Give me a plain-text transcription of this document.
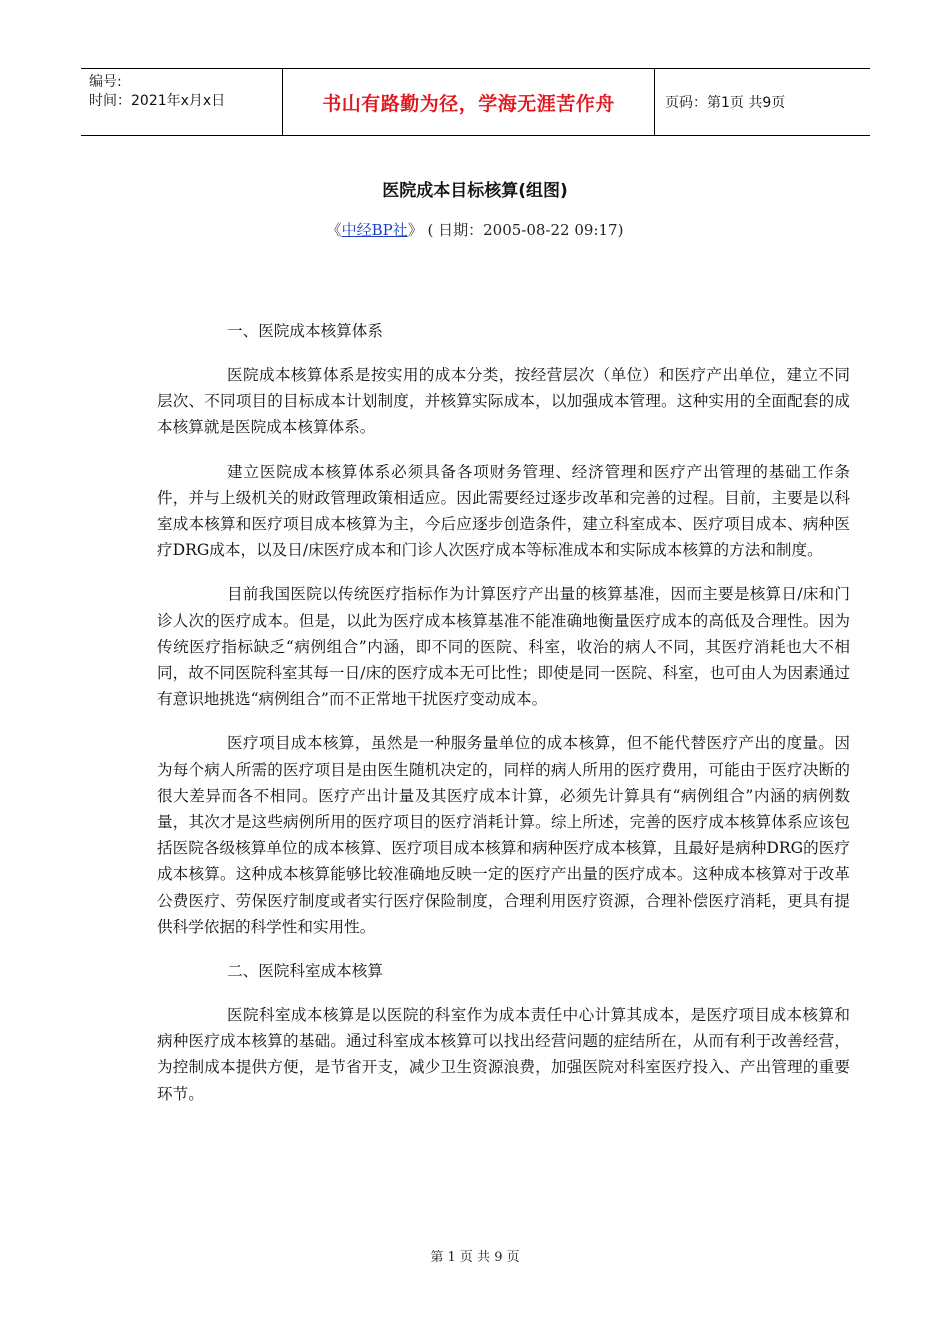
编号:
时间：2021年x月x日	书山有路勤为径，学海无涯苦作舟	页码：第1页 共9页
医院成本目标核算(组图)
《中经BP社》 ( 日期：2005-08-22 09:17)

一、医院成本核算体系

医院成本核算体系是按实用的成本分类，按经营层次（单位）和医疗产出单位，建立不同层次、不同项目的目标成本计划制度，并核算实际成本，以加强成本管理。这种实用的全面配套的成本核算就是医院成本核算体系。

建立医院成本核算体系必须具备各项财务管理、经济管理和医疗产出管理的基础工作条件，并与上级机关的财政管理政策相适应。因此需要经过逐步改革和完善的过程。目前，主要是以科室成本核算和医疗项目成本核算为主，今后应逐步创造条件，建立科室成本、医疗项目成本、病种医疗DRG成本，以及日/床医疗成本和门诊人次医疗成本等标准成本和实际成本核算的方法和制度。

目前我国医院以传统医疗指标作为计算医疗产出量的核算基准，因而主要是核算日/床和门诊人次的医疗成本。但是，以此为医疗成本核算基准不能准确地衡量医疗成本的高低及合理性。因为传统医疗指标缺乏“病例组合”内涵，即不同的医院、科室，收治的病人不同，其医疗消耗也大不相同，故不同医院科室其每一日/床的医疗成本无可比性；即使是同一医院、科室，也可由人为因素通过有意识地挑选“病例组合”而不正常地干扰医疗变动成本。

医疗项目成本核算，虽然是一种服务量单位的成本核算，但不能代替医疗产出的度量。因为每个病人所需的医疗项目是由医生随机决定的，同样的病人所用的医疗费用，可能由于医疗决断的很大差异而各不相同。医疗产出计量及其医疗成本计算，必须先计算具有“病例组合”内涵的病例数量，其次才是这些病例所用的医疗项目的医疗消耗计算。综上所述，完善的医疗成本核算体系应该包括医院各级核算单位的成本核算、医疗项目成本核算和病种医疗成本核算，且最好是病种DRG的医疗成本核算。这种成本核算能够比较准确地反映一定的医疗产出量的医疗成本。这种成本核算对于改革公费医疗、劳保医疗制度或者实行医疗保险制度，合理利用医疗资源，合理补偿医疗消耗，更具有提供科学依据的科学性和实用性。

二、医院科室成本核算

医院科室成本核算是以医院的科室作为成本责任中心计算其成本，是医疗项目成本核算和病种医疗成本核算的基础。通过科室成本核算可以找出经营问题的症结所在，从而有利于改善经营，为控制成本提供方便，是节省开支，减少卫生资源浪费，加强医院对科室医疗投入、产出管理的重要环节。

第 1 页 共 9 页
